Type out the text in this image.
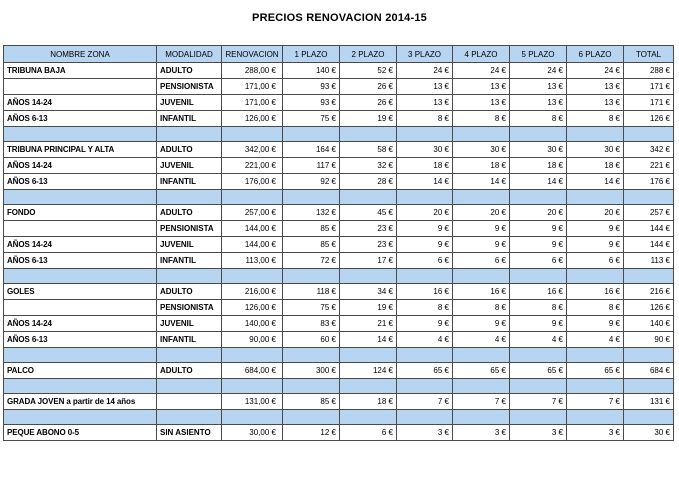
PRECIOS RENOVACION 2014-15
NOMBRE ZONA	MODALIDAD	RENOVACION	1 PLAZO	2 PLAZO	3 PLAZO	4 PLAZO	5 PLAZO	6 PLAZO	TOTAL
TRIBUNA BAJA	ADULTO	288,00 €	140 €	52 €	24 €	24 €	24 €	24 €	288 €
	PENSIONISTA	171,00 €	93 €	26 €	13 €	13 €	13 €	13 €	171 €
AÑOS 14-24	JUVENIL	171,00 €	93 €	26 €	13 €	13 €	13 €	13 €	171 €
AÑOS 6-13	INFANTIL	126,00 €	75 €	19 €	8 €	8 €	8 €	8 €	126 €

TRIBUNA PRINCIPAL Y ALTA	ADULTO	342,00 €	164 €	58 €	30 €	30 €	30 €	30 €	342 €
AÑOS 14-24	JUVENIL	221,00 €	117 €	32 €	18 €	18 €	18 €	18 €	221 €
AÑOS 6-13	INFANTIL	176,00 €	92 €	28 €	14 €	14 €	14 €	14 €	176 €

FONDO	ADULTO	257,00 €	132 €	45 €	20 €	20 €	20 €	20 €	257 €
	PENSIONISTA	144,00 €	85 €	23 €	9 €	9 €	9 €	9 €	144 €
AÑOS 14-24	JUVENIL	144,00 €	85 €	23 €	9 €	9 €	9 €	9 €	144 €
AÑOS 6-13	INFANTIL	113,00 €	72 €	17 €	6 €	6 €	6 €	6 €	113 €

GOLES	ADULTO	216,00 €	118 €	34 €	16 €	16 €	16 €	16 €	216 €
	PENSIONISTA	126,00 €	75 €	19 €	8 €	8 €	8 €	8 €	126 €
AÑOS 14-24	JUVENIL	140,00 €	83 €	21 €	9 €	9 €	9 €	9 €	140 €
AÑOS 6-13	INFANTIL	90,00 €	60 €	14 €	4 €	4 €	4 €	4 €	90 €

PALCO	ADULTO	684,00 €	300 €	124 €	65 €	65 €	65 €	65 €	684 €

GRADA JOVEN a partir de 14 años		131,00 €	85 €	18 €	7 €	7 €	7 €	7 €	131 €

PEQUE ABONO 0-5	SIN ASIENTO	30,00 €	12 €	6 €	3 €	3 €	3 €	3 €	30 €
